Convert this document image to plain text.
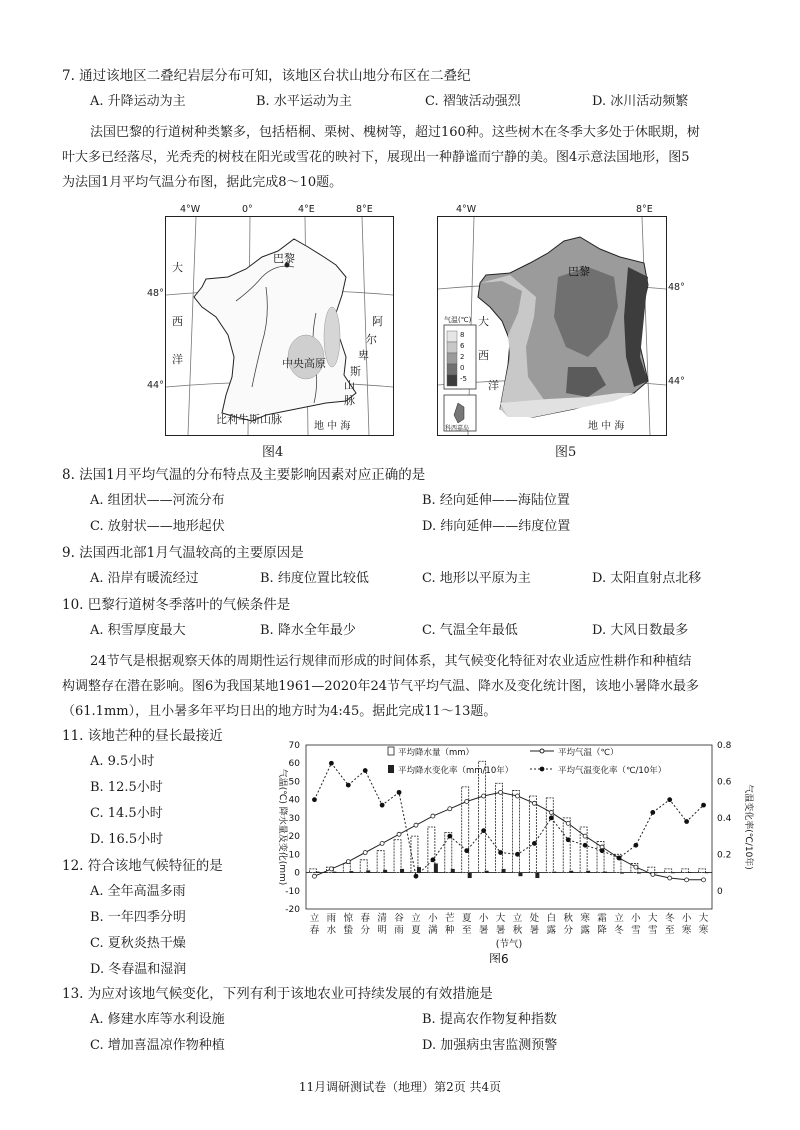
7. 通过该地区二叠纪岩层分布可知，该地区台状山地分布区在二叠纪
A. 升降运动为主	B. 水平运动为主	C. 褶皱活动强烈	D. 冰川活动频繁
法国巴黎的行道树种类繁多，包括梧桐、栗树、槐树等，超过160种。这些树木在冬季大多处于休眠期，树
叶大多已经落尽，光秃秃的树枝在阳光或雪花的映衬下，展现出一种静谧而宁静的美。图4示意法国地形，图5
为法国1月平均气温分布图，据此完成8～10题。
巴黎
大
西
洋
阿
尔
卑
斯
山
脉
中央高原
比利牛斯山脉
地 中 海
4°W	0°	4°E	8°E
48°
44°
图4
巴黎
大
西
洋
地 中 海
气温(℃)
8
6
2
0
-5
科西嘉岛
4°W	8°E
48°
44°
图5
8. 法国1月平均气温的分布特点及主要影响因素对应正确的是
A. 组团状——河流分布	B. 经向延伸——海陆位置
C. 放射状——地形起伏	D. 纬向延伸——纬度位置
9. 法国西北部1月气温较高的主要原因是
A. 沿岸有暖流经过	B. 纬度位置比较低	C. 地形以平原为主	D. 太阳直射点北移
10. 巴黎行道树冬季落叶的气候条件是
A. 积雪厚度最大	B. 降水全年最少	C. 气温全年最低	D. 大风日数最多
24节气是根据观察天体的周期性运行规律而形成的时间体系，其气候变化特征对农业适应性耕作和种植结
构调整存在潜在影响。图6为我国某地1961—2020年24节气平均气温、降水及变化统计图，该地小暑降水最多
（61.1mm），且小暑多年平均日出的地方时为4:45。据此完成11～13题。
11. 该地芒种的昼长最接近
A. 9.5小时
B. 12.5小时
C. 14.5小时
D. 16.5小时
12. 符合该地气候特征的是
A. 全年高温多雨
B. 一年四季分明
C. 夏秋炎热干燥
D. 冬春温和湿润
70
60
50
40
30
20
10
0
-10
-20
0.8
0.6
0.4
0.2
0
立
春
雨
水
惊
蛰
春
分
清
明
谷
雨
立
夏
小
满
芒
种
夏
至
小
暑
大
暑
立
秋
处
暑
白
露
秋
分
寒
露
霜
降
立
冬
小
雪
大
雪
冬
至
小
寒
大
寒
(节气)
图6
气温(℃) 降水量及变化(mm)	气温变化率(℃/10年)
平均降水量（mm）	平均气温（℃）
平均降水变化率（mm/10年）	平均气温变化率（℃/10年）
13. 为应对该地气候变化，下列有利于该地农业可持续发展的有效措施是
A. 修建水库等水利设施	B. 提高农作物复种指数
C. 增加喜温凉作物种植	D. 加强病虫害监测预警
11月调研测试卷（地理）第2页 共4页
